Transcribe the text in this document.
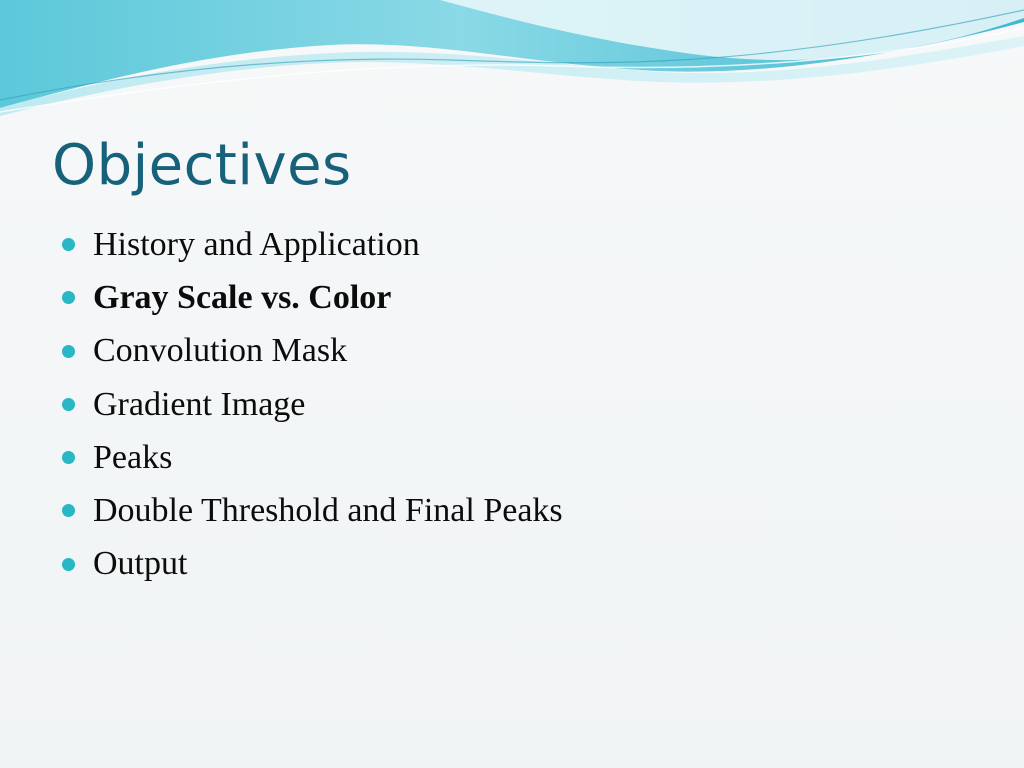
Objectives
History and Application
Gray Scale vs. Color
Convolution Mask
Gradient Image
Peaks
Double Threshold and Final Peaks
Output
